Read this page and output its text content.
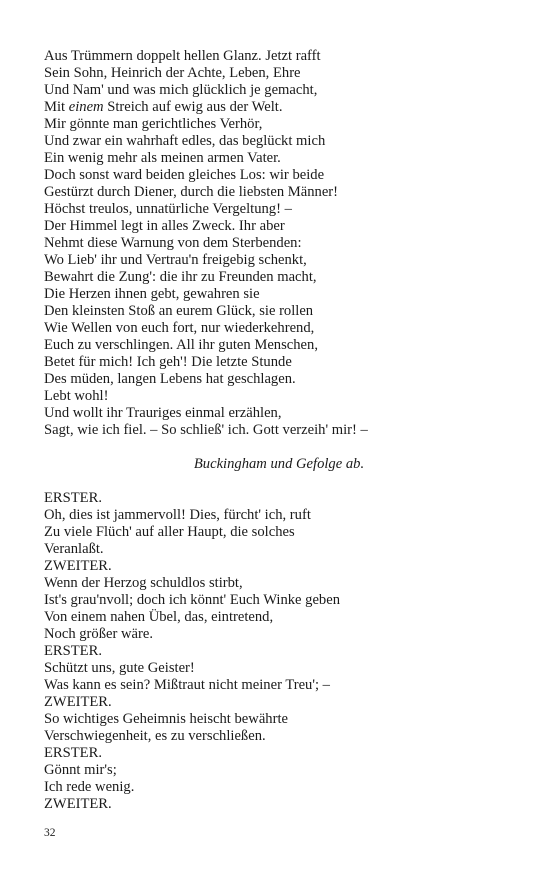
Aus Trümmern doppelt hellen Glanz. Jetzt rafft
Sein Sohn, Heinrich der Achte, Leben, Ehre
Und Nam' und was mich glücklich je gemacht,
Mit einem Streich auf ewig aus der Welt.
Mir gönnte man gerichtliches Verhör,
Und zwar ein wahrhaft edles, das beglückt mich
Ein wenig mehr als meinen armen Vater.
Doch sonst ward beiden gleiches Los: wir beide
Gestürzt durch Diener, durch die liebsten Männer!
Höchst treulos, unnatürliche Vergeltung! –
Der Himmel legt in alles Zweck. Ihr aber
Nehmt diese Warnung von dem Sterbenden:
Wo Lieb' ihr und Vertrau'n freigebig schenkt,
Bewahrt die Zung': die ihr zu Freunden macht,
Die Herzen ihnen gebt, gewahren sie
Den kleinsten Stoß an eurem Glück, sie rollen
Wie Wellen von euch fort, nur wiederkehrend,
Euch zu verschlingen. All ihr guten Menschen,
Betet für mich! Ich geh'! Die letzte Stunde
Des müden, langen Lebens hat geschlagen.
Lebt wohl!
Und wollt ihr Trauriges einmal erzählen,
Sagt, wie ich fiel. – So schließ' ich. Gott verzeih' mir! –
Buckingham und Gefolge ab.
ERSTER.
Oh, dies ist jammervoll! Dies, fürcht' ich, ruft
Zu viele Flüch' auf aller Haupt, die solches
Veranlaßt.
ZWEITER.
Wenn der Herzog schuldlos stirbt,
Ist's grau'nvoll; doch ich könnt' Euch Winke geben
Von einem nahen Übel, das, eintretend,
Noch größer wäre.
ERSTER.
Schützt uns, gute Geister!
Was kann es sein? Mißtraut nicht meiner Treu'; –
ZWEITER.
So wichtiges Geheimnis heischt bewährte
Verschwiegenheit, es zu verschließen.
ERSTER.
Gönnt mir's;
Ich rede wenig.
ZWEITER.
32
